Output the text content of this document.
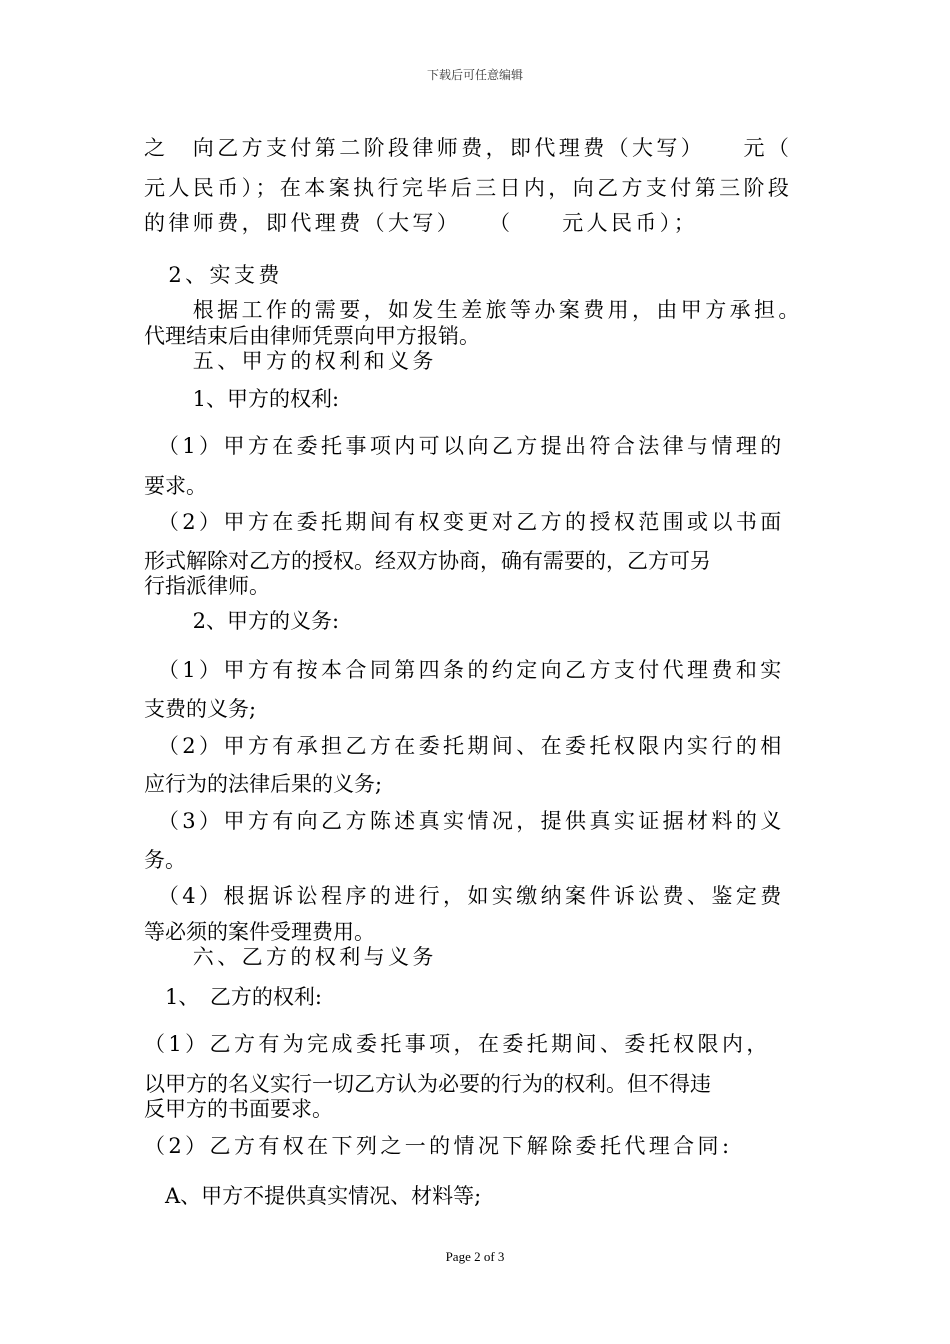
下载后可任意编辑
之　向乙方支付第二阶段律师费，即代理费（大写）　　元（
元人民币）；在本案执行完毕后三日内，向乙方支付第三阶段
的律师费，即代理费（大写）　　（　　元人民币）；
　2、实支费
　　根据工作的需要，如发生差旅等办案费用，由甲方承担。
代理结束后由律师凭票向甲方报销。
　　五、甲方的权利和义务
　　 1、甲方的权利:
　（1）甲方在委托事项内可以向乙方提出符合法律与情理的
要求。
　（2）甲方在委托期间有权变更对乙方的授权范围或以书面
形式解除对乙方的授权。经双方协商，确有需要的，乙方可另
行指派律师。
　　 2、甲方的义务:
　（1）甲方有按本合同第四条的约定向乙方支付代理费和实
支费的义务;
　（2）甲方有承担乙方在委托期间、在委托权限内实行的相
应行为的法律后果的义务;
　（3）甲方有向乙方陈述真实情况，提供真实证据材料的义
务。
　（4）根据诉讼程序的进行，如实缴纳案件诉讼费、鉴定费
等必须的案件受理费用。
　　六、乙方的权利与义务
　1、　乙方的权利:
（1）乙方有为完成委托事项，在委托期间、委托权限内，
以甲方的名义实行一切乙方认为必要的行为的权利。但不得违
反甲方的书面要求。
（2）乙方有权在下列之一的情况下解除委托代理合同:
　A、甲方不提供真实情况、材料等;
Page 2 of 3
